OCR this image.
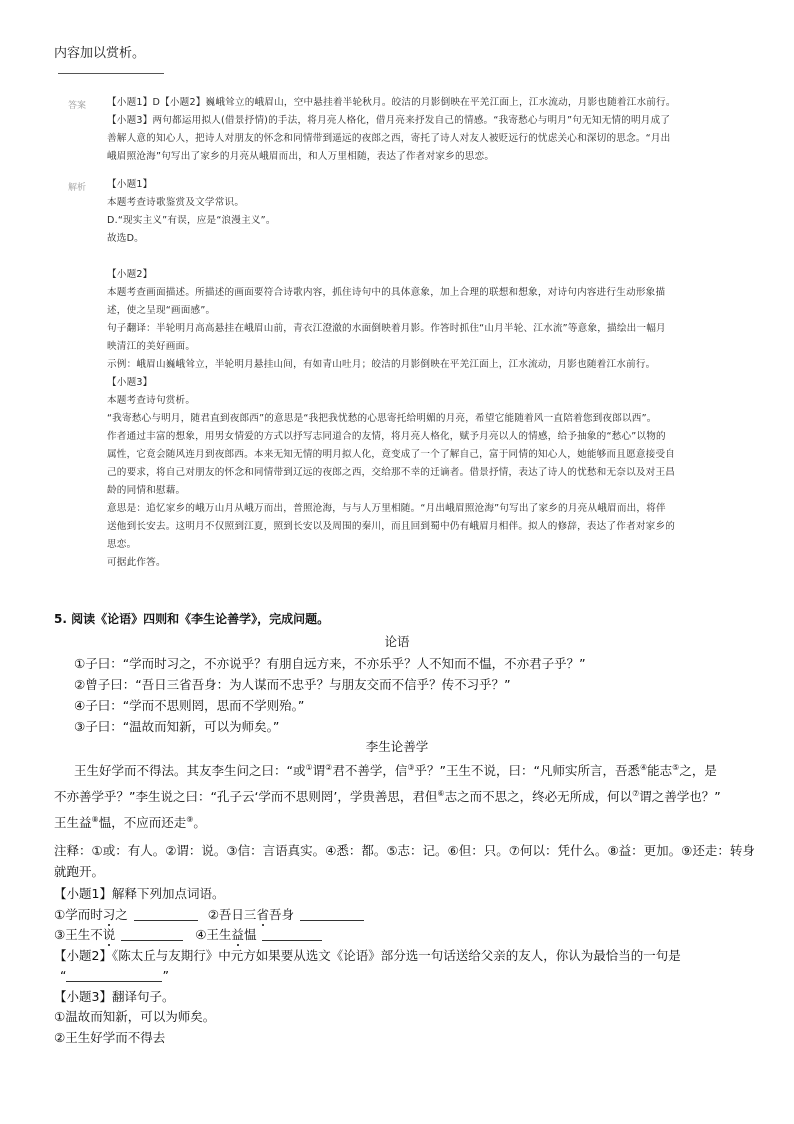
内容加以赏析。
答案 【小题1】D【小题2】巍峨耸立的峨眉山，空中悬挂着半轮秋月。皎洁的月影倒映在平羌江面上，江水流动，月影也随着江水前行。

【小题3】两句都运用拟人(借景抒情)的手法，将月亮人格化，借月亮来抒发自己的情感。“我寄愁心与明月”句无知无情的明月成了

善解人意的知心人，把诗人对朋友的怀念和同情带到遥远的夜郎之西，寄托了诗人对友人被贬远行的忧虑关心和深切的思念。“月出

峨眉照沧海”句写出了家乡的月亮从峨眉而出，和人万里相随，表达了作者对家乡的思恋。

解析 【小题1】

本题考查诗歌鉴赏及文学常识。

D.“现实主义”有误，应是“浪漫主义”。

故选D。

【小题2】

本题考查画面描述。所描述的画面要符合诗歌内容，抓住诗句中的具体意象，加上合理的联想和想象，对诗句内容进行生动形象描

述，使之呈现“画面感”。

句子翻译：半轮明月高高悬挂在峨眉山前，青衣江澄澈的水面倒映着月影。作答时抓住“山月半轮、江水流”等意象，描绘出一幅月

映清江的美好画面。

示例：峨眉山巍峨耸立，半轮明月悬挂山间，有如青山吐月；皎洁的月影倒映在平羌江面上，江水流动，月影也随着江水前行。

【小题3】

本题考查诗句赏析。

“我寄愁心与明月，随君直到夜郎西”的意思是“我把我忧愁的心思寄托给明媚的月亮，希望它能随着风一直陪着您到夜郎以西”。

作者通过丰富的想象，用男女情爱的方式以抒写志同道合的友情，将月亮人格化，赋予月亮以人的情感，给予抽象的“愁心”以物的

属性，它竟会随风连月到夜郎西。本来无知无情的明月拟人化，竟变成了一个了解自己，富于同情的知心人，她能够而且愿意接受自

己的要求，将自己对朋友的怀念和同情带到辽远的夜郎之西，交给那不幸的迁谪者。借景抒情，表达了诗人的忧愁和无奈以及对王昌

龄的同情和慰藉。

意思是：追忆家乡的峨万山月从峨万而出，普照沧海，与与人万里相随。“月出峨眉照沧海”句写出了家乡的月亮从峨眉而出，将伴

送他到长安去。这明月不仅照到江夏，照到长安以及周围的秦川，而且回到蜀中仍有峨眉月相伴。拟人的修辞，表达了作者对家乡的

思恋。

可据此作答。

5. 阅读《论语》四则和《李生论善学》，完成问题。
论语

①子曰：“学而时习之，不亦说乎？有朋自远方来，不亦乐乎？人不知而不愠，不亦君子乎？”

②曾子曰：“吾日三省吾身：为人谋而不忠乎？与朋友交而不信乎？传不习乎？”

④子曰：“学而不思则罔，思而不学则殆。”

③子曰：“温故而知新，可以为师矣。”

李生论善学

王生好学而不得法。其友李生问之曰：“或①谓②君不善学，信③乎？”王生不说，曰：“凡师实所言，吾悉④能志⑤之，是

不亦善学乎？”李生说之曰：“孔子云‘学而不思则罔’，学贵善思，君但⑥志之而不思之，终必无所成，何以⑦谓之善学也？”

王生益⑧愠，不应而还走⑨。

注释：①或：有人。②谓：说。③信：言语真实。④悉：都。⑤志：记。⑥但：只。⑦何以：凭什么。⑧益：更加。⑨还走：转身

就跑开。

【小题1】解释下列加点词语。

①学而时习之	②吾日三省吾身

③王生不说	④王生益愠

【小题2】《陈太丘与友期行》中元方如果要从选文《论语》部分选一句话送给父亲的友人，你认为最恰当的一句是

“	”

【小题3】翻译句子。

①温故而知新，可以为师矣。

②王生好学而不得去
